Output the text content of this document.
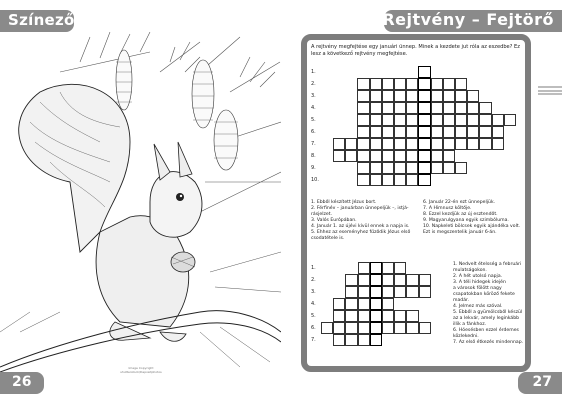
Színező
Image Copyright shutterstock/Depositphotos
26
Rejtvény – Fejtörő
A rejtvény megfejtése egy januári ünnep. Minek a kezdete jut róla az eszedbe? Ez lesz a következő rejtvény megfejtése.
1.
2.
3.
4.
5.
6.
7.
8.
9.
10.
1. Ebből készített Jézus bort.
2. Férfinév – januárban ünnepeljük –, istjá-
rásjelzet.
3. Valós Európában.
4. Január 1. az újévi kívül ennek a napja is.
5. Ehhez az eseményhez fűződik Jézus első
csodatétele is.
6. Január 22-én ezt ünnepeljük.
7. A Himnusz költője.
8. Ezzel kezdjük az új esztendőt.
9. Magyarulgyana egyik szimbóluma.
10. Napkeleti bölcsek egyik ajándéka volt.
Ezt is megszentelik január 6-án.
1.
2.
3.
4.
5.
6.
7.
1. Nedvelt ételsség a februári
mulatságokon.
2. A hét utolsó napja.
3. A téli hidegek idején
a városok fölött nagy
csapatokban köröző fekete
madár.
4. Jelmez más szóval.
5. Ebből a gyümölcsből készül
az a lekvár, amely leginkább
illik a fánkhoz.
6. Hóesésben ezzel érdemes
közlekedni.
7. Az első étkezés mindennap.
27
